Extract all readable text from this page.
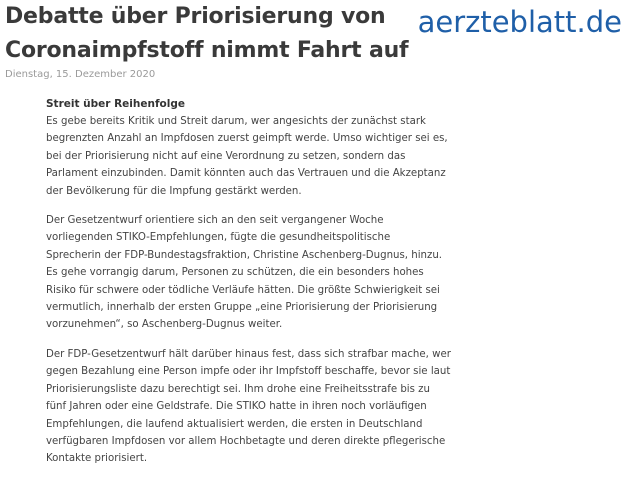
Debatte über Priorisierung von
Coronaimpfstoff nimmt Fahrt auf
aerzteblatt.de
Dienstag, 15. Dezember 2020

Streit über Reihenfolge

Es gebe bereits Kritik und Streit darum, wer angesichts der zunächst stark
begrenzten Anzahl an Impfdosen zuerst geimpft werde. Umso wichtiger sei es,
bei der Priorisierung nicht auf eine Verordnung zu setzen, sondern das
Parlament einzubinden. Damit könnten auch das Vertrauen und die Akzeptanz
der Bevölkerung für die Impfung gestärkt werden.

Der Gesetzentwurf orientiere sich an den seit vergangener Woche
vorliegenden STIKO-Empfehlungen, fügte die gesundheitspolitische
Sprecherin der FDP-Bundestagsfraktion, Christine Aschenberg-Dugnus, hinzu.
Es gehe vorrangig darum, Personen zu schützen, die ein besonders hohes
Risiko für schwere oder tödliche Verläufe hätten. Die größte Schwierigkeit sei
vermutlich, innerhalb der ersten Gruppe „eine Priorisierung der Priorisierung
vorzunehmen“, so Aschenberg-Dugnus weiter.

Der FDP-Gesetzentwurf hält darüber hinaus fest, dass sich strafbar mache, wer
gegen Bezahlung eine Person impfe oder ihr Impfstoff beschaffe, bevor sie laut
Priorisierungsliste dazu berechtigt sei. Ihm drohe eine Freiheitsstrafe bis zu
fünf Jahren oder eine Geldstrafe. Die STIKO hatte in ihren noch vorläufigen
Empfehlungen, die laufend aktualisiert werden, die ersten in Deutschland
verfügbaren Impfdosen vor allem Hochbetagte und deren direkte pflegerische
Kontakte priorisiert.
